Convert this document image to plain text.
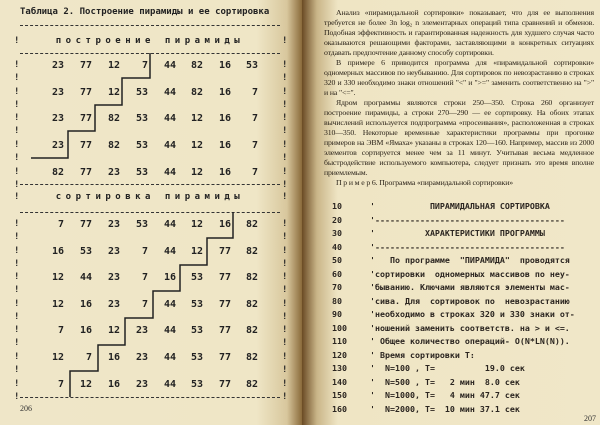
Таблица 2. Построение пирамиды и ее сортировка
построение пирамиды
сортировка пирамиды
!
!
!
!
23	77	12	7	44	82	16	53
!
!
!
!
23	77	12	53	44	82	16	7
!
!
!
!
23	77	82	53	44	12	16	7
!
!
!
!
23	77	82	53	44	12	16	7
!
!
!
!
82	77	23	53	44	12	16	7
!
!
!
!
7	77	23	53	44	12	16	82
!
!
!
!
16	53	23	7	44	12	77	82
!
!
!
!
12	44	23	7	16	53	77	82
!
!
!
!
12	16	23	7	44	53	77	82
!
!
!
!
7	16	12	23	44	53	77	82
!
!
!
!
12	7	16	23	44	53	77	82
!
!
!
!
7	12	16	23	44	53	77	82
!	!
!	!
206

Анализ «пирамидальной сортировки» показывает, что для ее выполнения требуется не более 3n log₂ n элементарных операций типа сравнений и обменов. Подобная эффективность и гарантированная надежность для худшего случая часто оказываются решающими факторами, заставляющими в конкретных ситуациях отдавать предпочтение данному способу сортировки.

В примере 6 приводится программа для «пирамидальной сортировки» одномерных массивов по неубыванию. Для сортировок по невозрастанию в строках 320 и 330 необходимо знаки отношений "<" и ">=" заменить соответственно на ">" и на "<=".

Ядром программы являются строки 250—350. Строка 260 организует построение пирамиды, а строки 270—290 — ее сортировку. На обоих этапах вычислений используется подпрограмма «просеивания», расположенная в строках 310—350. Некоторые временные характеристики программы при прогонке примеров на ЭВМ «Ямаха» указаны в строках 120—160. Например, массив из 2000 элементов сортируется менее чем за 11 минут. Учитывая весьма медленное быстродействие используемого компьютера, следует признать это время вполне приемлемым.

П р и м е р 6. Программа «пирамидальной сортировки»

10	'           ПИРАМИДАЛЬНАЯ СОРТИРОВКА
20	'--------------------------------------
30	'          ХАРАКТЕРИСТИКИ ПРОГРАММЫ
40	'--------------------------------------
50	'   По программе  "ПИРАМИДА"  проводятся
60	'сортировки  одномерных массивов по неу-
70	'быванию. Ключами являются элементы мас-
80	'сива. Для  сортировок по  невозрастанию
90	'необходимо в строках 320 и 330 знаки от-
100	'ношений заменить соответств. на > и <=.
110	' Общее количество операций- O(N*LN(N)).
120	' Время сортировки T:
130	'  N=100 , T=          19.0 сек
140	'  N=500 , T=   2 мин  8.0 сек
150	'  N=1000, T=   4 мин 47.7 сек
160	'  N=2000, T=  10 мин 37.1 сек
207
